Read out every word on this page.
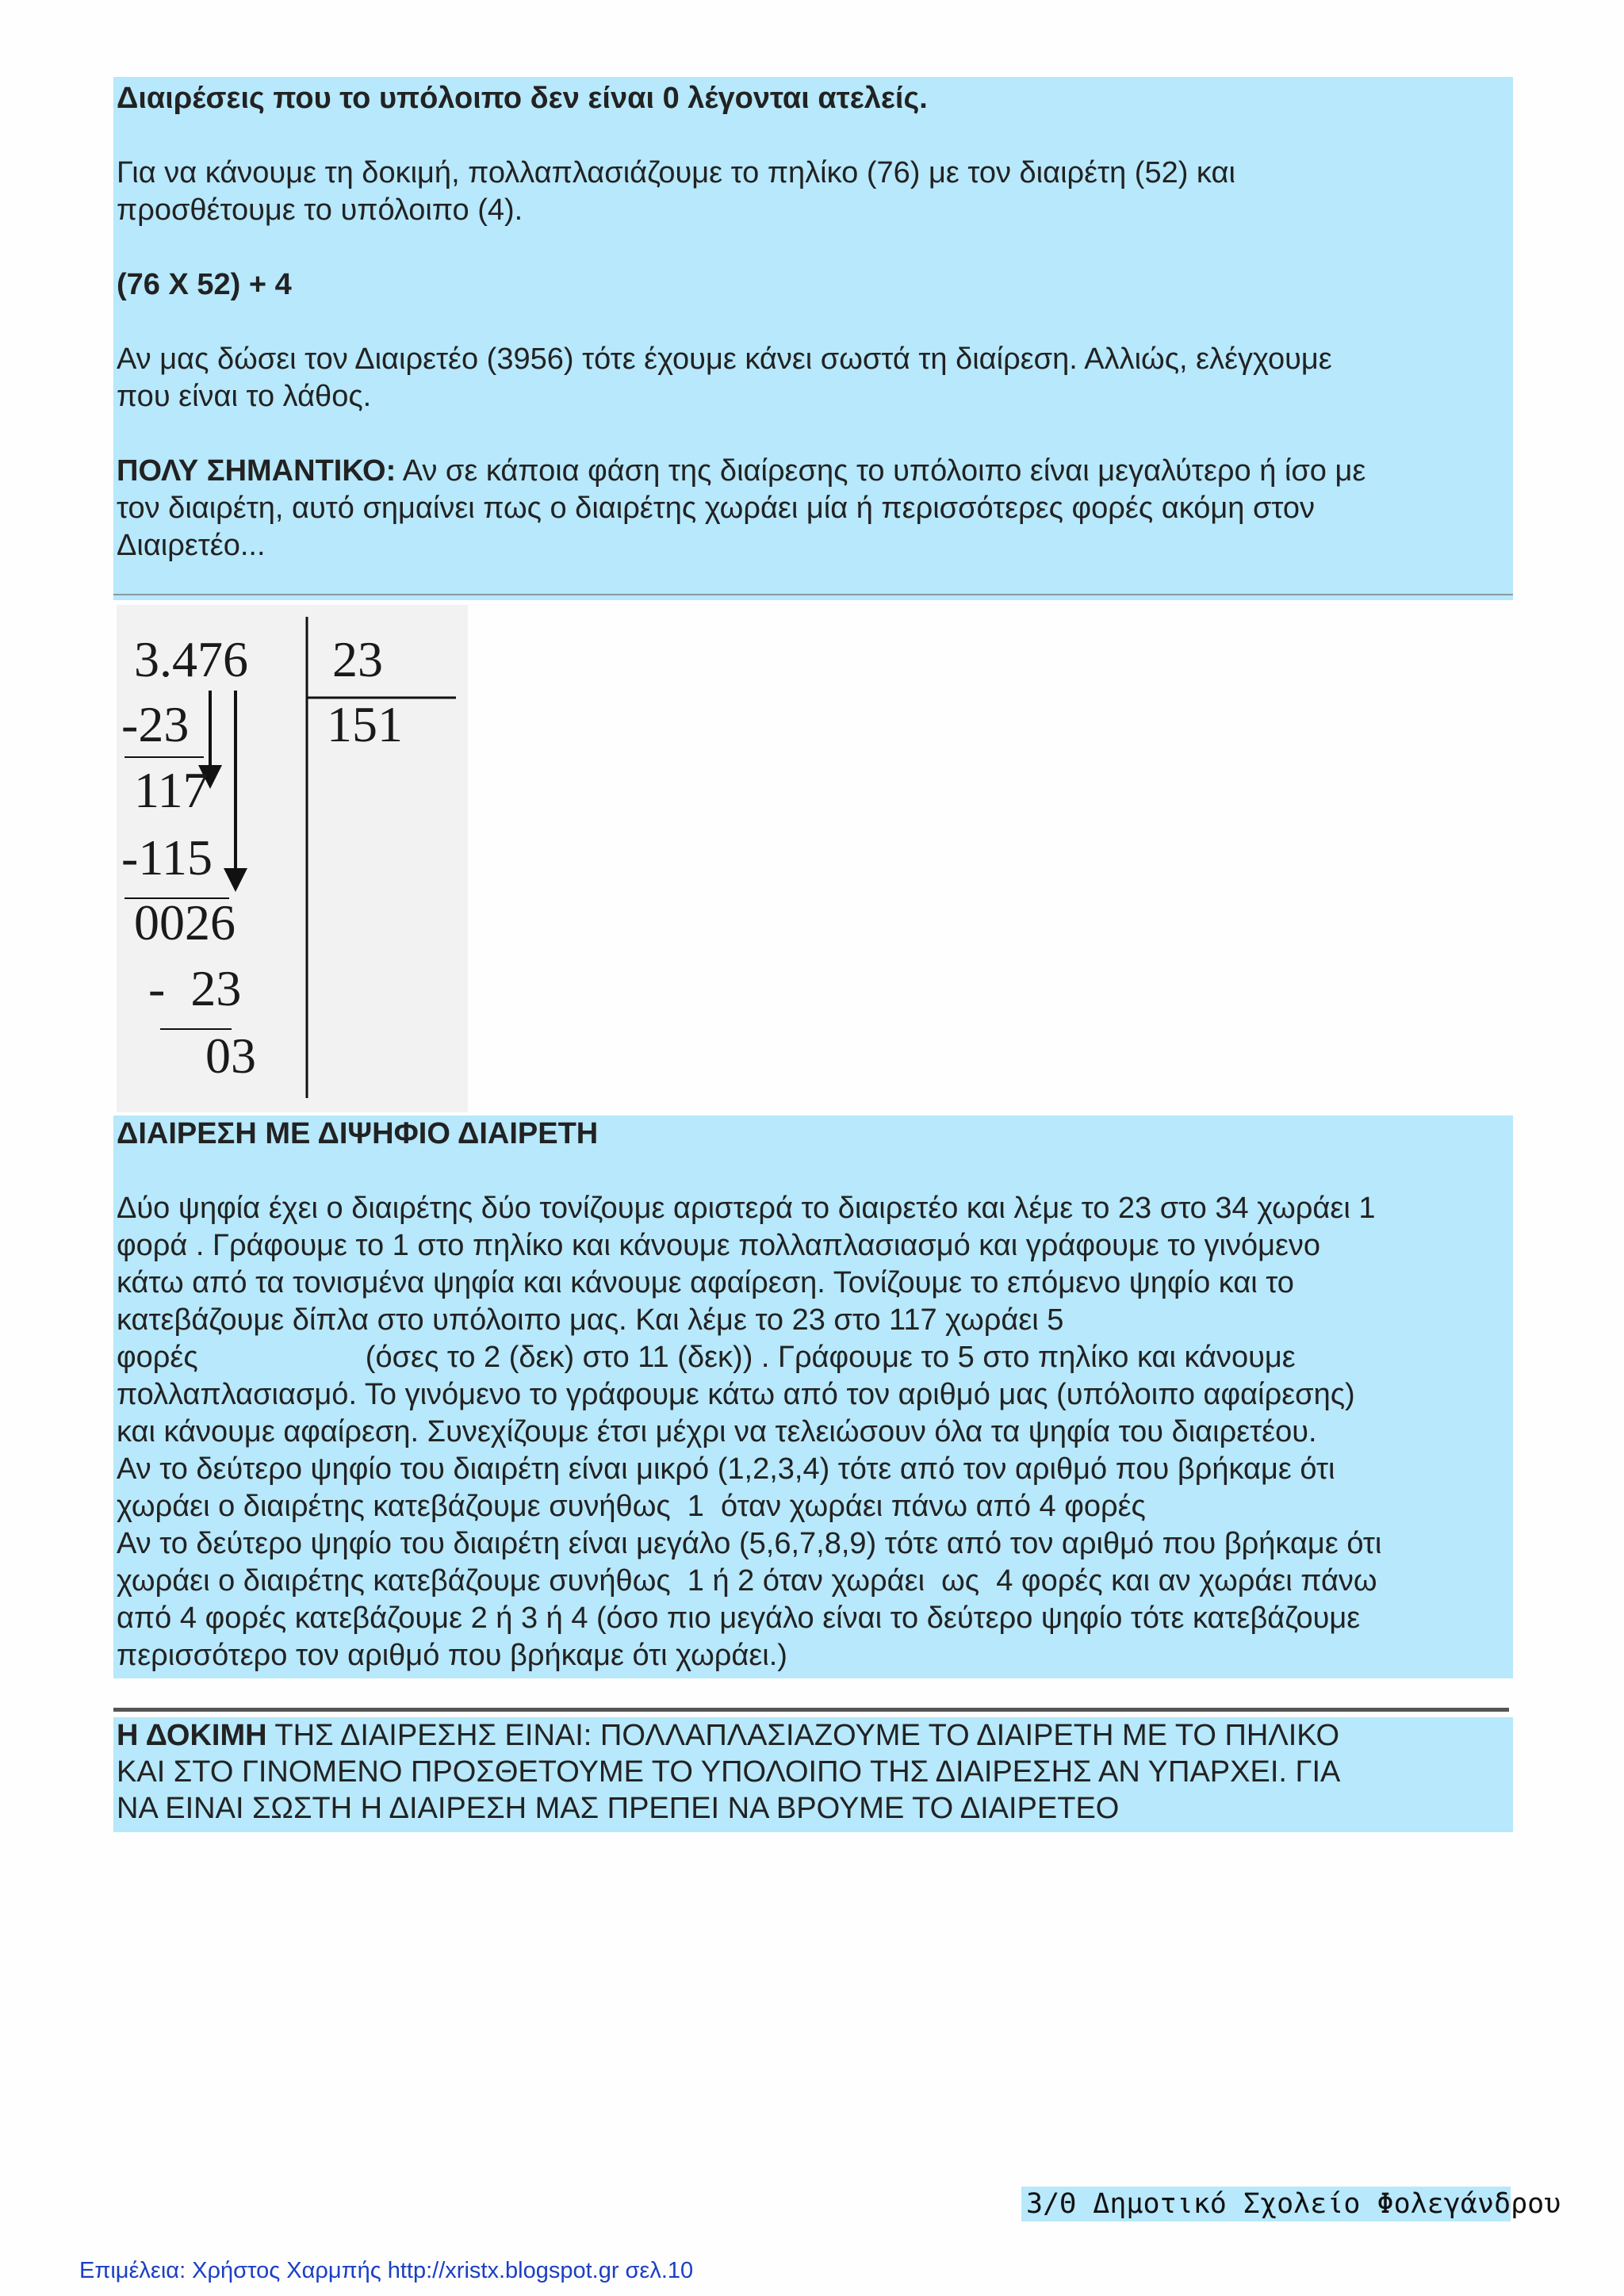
Διαιρέσεις που το υπόλοιπο δεν είναι 0 λέγονται ατελείς.

Για να κάνουμε τη δοκιμή, πολλαπλασιάζουμε το πηλίκο (76) με τον διαιρέτη (52) και

προσθέτουμε το υπόλοιπο (4).

(76 Χ 52) + 4

Αν μας δώσει τον Διαιρετέο (3956) τότε έχουμε κάνει σωστά τη διαίρεση. Αλλιώς, ελέγχουμε

που είναι το λάθος.

ΠΟΛΥ ΣΗΜΑΝΤΙΚΟ: Αν σε κάποια φάση της διαίρεσης το υπόλοιπο είναι μεγαλύτερο ή ίσο με

τον διαιρέτη, αυτό σημαίνει πως ο διαιρέτης χωράει μία ή περισσότερες φορές ακόμη στον

Διαιρετέο...

3.476 23
151
-23
117
-115
0026
-  23
03

ΔΙΑΙΡΕΣΗ ΜΕ ΔΙΨΗΦΙΟ ΔΙΑΙΡΕΤΗ

Δύο ψηφία έχει ο διαιρέτης δύο τονίζουμε αριστερά το διαιρετέο και λέμε το 23 στο 34 χωράει 1

φορά . Γράφουμε το 1 στο πηλίκο και κάνουμε πολλαπλασιασμό και γράφουμε το γινόμενο

κάτω από τα τονισμένα ψηφία και κάνουμε αφαίρεση. Τονίζουμε το επόμενο ψηφίο και το

κατεβάζουμε δίπλα στο υπόλοιπο μας. Και λέμε το 23 στο 117 χωράει 5

φορές                    (όσες το 2 (δεκ) στο 11 (δεκ)) . Γράφουμε το 5 στο πηλίκο και κάνουμε

πολλαπλασιασμό. Το γινόμενο το γράφουμε κάτω από τον αριθμό μας (υπόλοιπο αφαίρεσης)

και κάνουμε αφαίρεση. Συνεχίζουμε έτσι μέχρι να τελειώσουν όλα τα ψηφία του διαιρετέου.

Αν το δεύτερο ψηφίο του διαιρέτη είναι μικρό (1,2,3,4) τότε από τον αριθμό που βρήκαμε ότι

χωράει ο διαιρέτης κατεβάζουμε συνήθως  1  όταν χωράει πάνω από 4 φορές

Αν το δεύτερο ψηφίο του διαιρέτη είναι μεγάλο (5,6,7,8,9) τότε από τον αριθμό που βρήκαμε ότι

χωράει ο διαιρέτης κατεβάζουμε συνήθως  1 ή 2 όταν χωράει  ως  4 φορές και αν χωράει πάνω

από 4 φορές κατεβάζουμε 2 ή 3 ή 4 (όσο πιο μεγάλο είναι το δεύτερο ψηφίο τότε κατεβάζουμε

περισσότερο τον αριθμό που βρήκαμε ότι χωράει.)

Η ΔΟΚΙΜΗ ΤΗΣ ΔΙΑΙΡΕΣΗΣ ΕΙΝΑΙ: ΠΟΛΛΑΠΛΑΣΙΑΖΟΥΜΕ ΤΟ ΔΙΑΙΡΕΤΗ ΜΕ ΤΟ ΠΗΛΙΚΟ

ΚΑΙ ΣΤΟ ΓΙΝΟΜΕΝΟ ΠΡΟΣΘΕΤΟΥΜΕ ΤΟ ΥΠΟΛΟΙΠΟ ΤΗΣ ΔΙΑΙΡΕΣΗΣ ΑΝ ΥΠΑΡΧΕΙ. ΓΙΑ

ΝΑ ΕΙΝΑΙ ΣΩΣΤΗ Η ΔΙΑΙΡΕΣΗ ΜΑΣ ΠΡΕΠΕΙ ΝΑ ΒΡΟΥΜΕ ΤΟ ΔΙΑΙΡΕΤΕΟ

3/Θ Δημοτικό Σχολείο Φολεγάνδρου
Επιμέλεια: Χρήστος Χαρμπής http://xristx.blogspot.gr σελ.10
